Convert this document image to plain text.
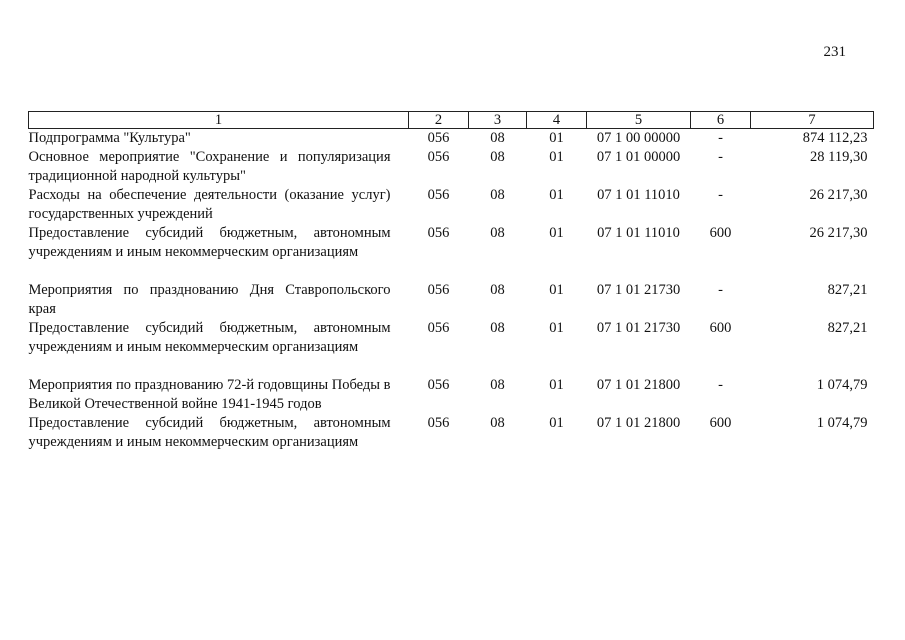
231
1	2	3	4	5	6	7
Подпрограмма "Культура"	056	08	01	07 1 00 00000	-	874 112,23
Основное мероприятие "Сохранение и популяризация традиционной народной культуры"	056	08	01	07 1 01 00000	-	28 119,30
Расходы на обеспечение деятельности (оказание услуг) государственных учреждений	056	08	01	07 1 01 11010	-	26 217,30
Предоставление субсидий бюджетным, автономным учреждениям и иным некоммерческим организациям	056	08	01	07 1 01 11010	600	26 217,30

Мероприятия по празднованию Дня Ставропольского края	056	08	01	07 1 01 21730	-	827,21
Предоставление субсидий бюджетным, автономным учреждениям и иным некоммерческим организациям	056	08	01	07 1 01 21730	600	827,21

Мероприятия по празднованию 72-й годовщины Победы в Великой Отечественной войне 1941-1945 годов	056	08	01	07 1 01 21800	-	1 074,79
Предоставление субсидий бюджетным, автономным учреждениям и иным некоммерческим организациям	056	08	01	07 1 01 21800	600	1 074,79
